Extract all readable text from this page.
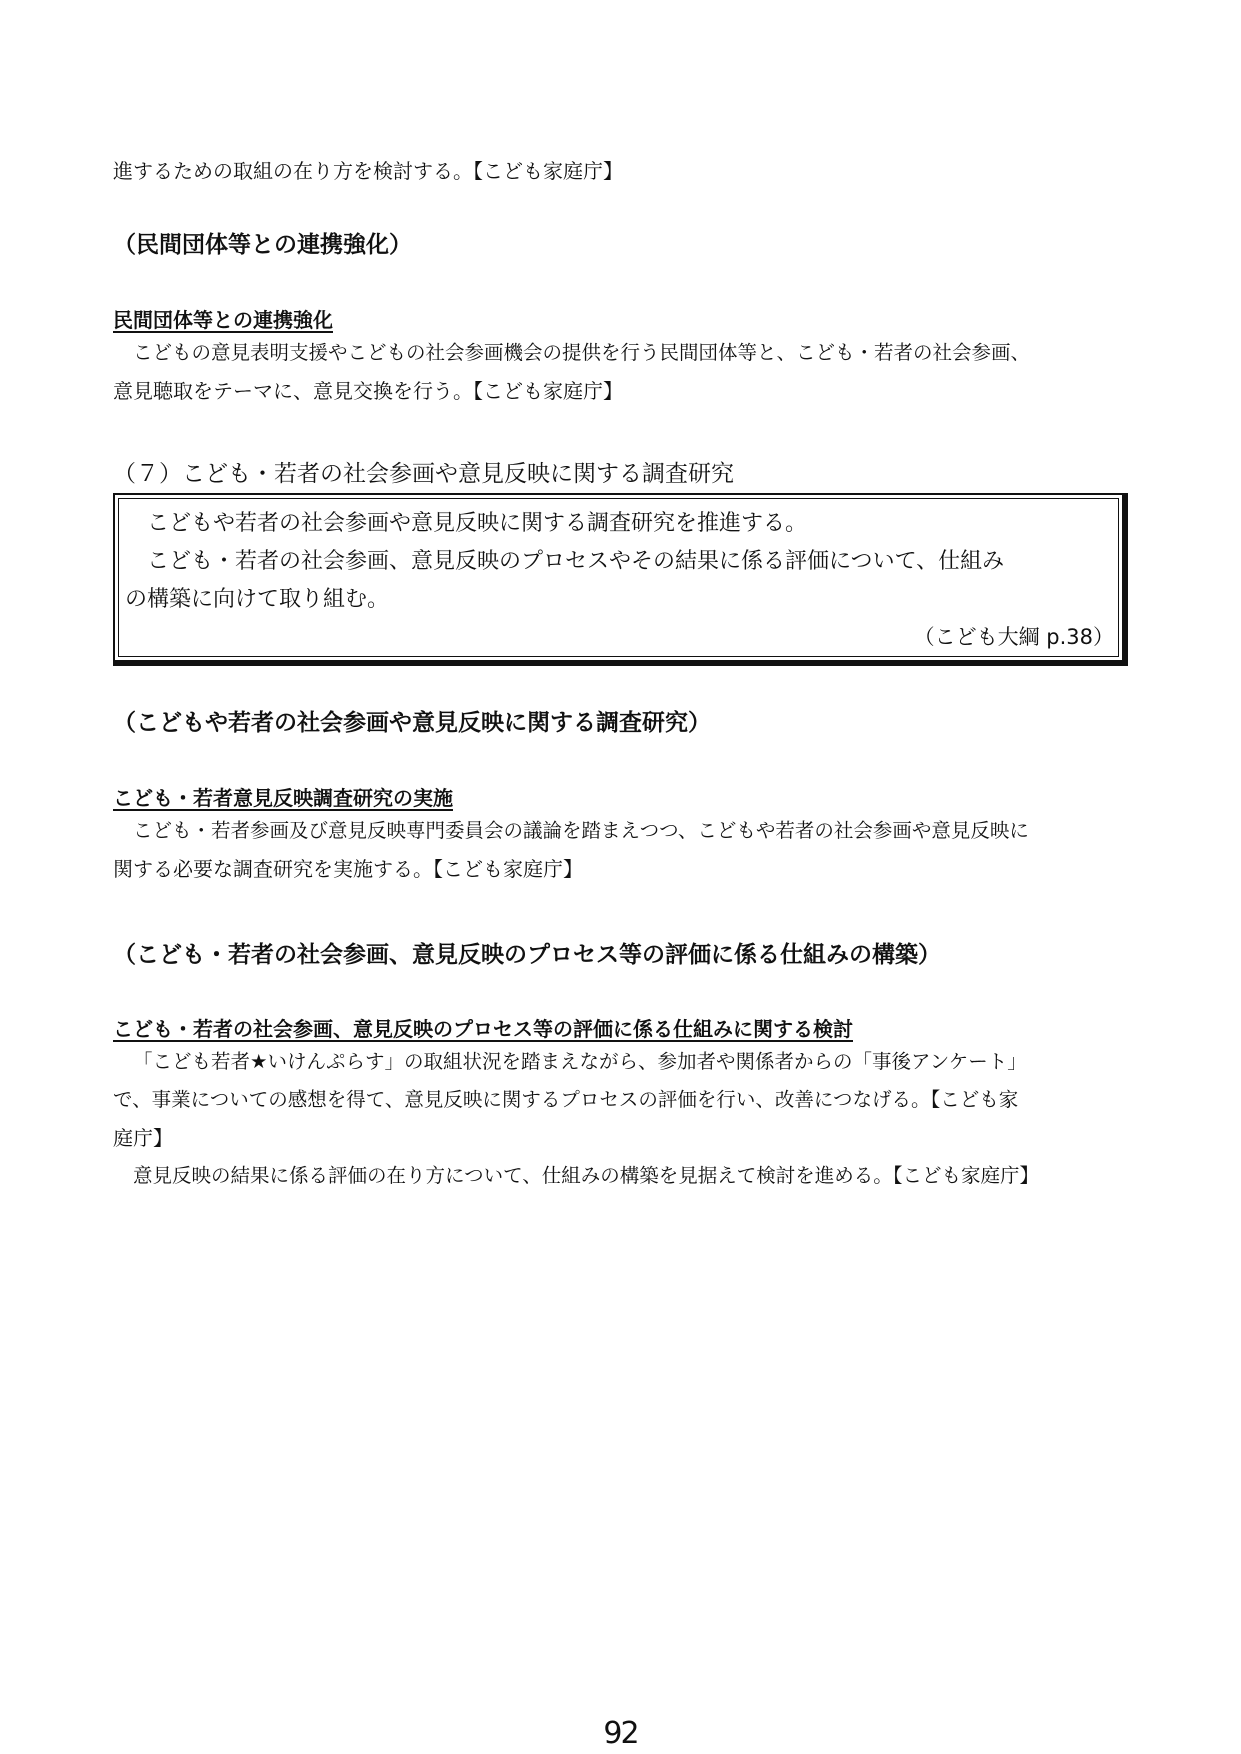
進するための取組の在り方を検討する。【こども家庭庁】

（民間団体等との連携強化）

民間団体等との連携強化

こどもの意見表明支援やこどもの社会参画機会の提供を行う民間団体等と、こども・若者の社会参画、

意見聴取をテーマに、意見交換を行う。【こども家庭庁】

（７）こども・若者の社会参画や意見反映に関する調査研究

こどもや若者の社会参画や意見反映に関する調査研究を推進する。

こども・若者の社会参画、意見反映のプロセスやその結果に係る評価について、仕組み

の構築に向けて取り組む。

（こども大綱 p.38）

（こどもや若者の社会参画や意見反映に関する調査研究）

こども・若者意見反映調査研究の実施

こども・若者参画及び意見反映専門委員会の議論を踏まえつつ、こどもや若者の社会参画や意見反映に

関する必要な調査研究を実施する。【こども家庭庁】

（こども・若者の社会参画、意見反映のプロセス等の評価に係る仕組みの構築）

こども・若者の社会参画、意見反映のプロセス等の評価に係る仕組みに関する検討

「こども若者★いけんぷらす」の取組状況を踏まえながら、参加者や関係者からの「事後アンケート」

で、事業についての感想を得て、意見反映に関するプロセスの評価を行い、改善につなげる。【こども家

庭庁】

意見反映の結果に係る評価の在り方について、仕組みの構築を見据えて検討を進める。【こども家庭庁】

92
